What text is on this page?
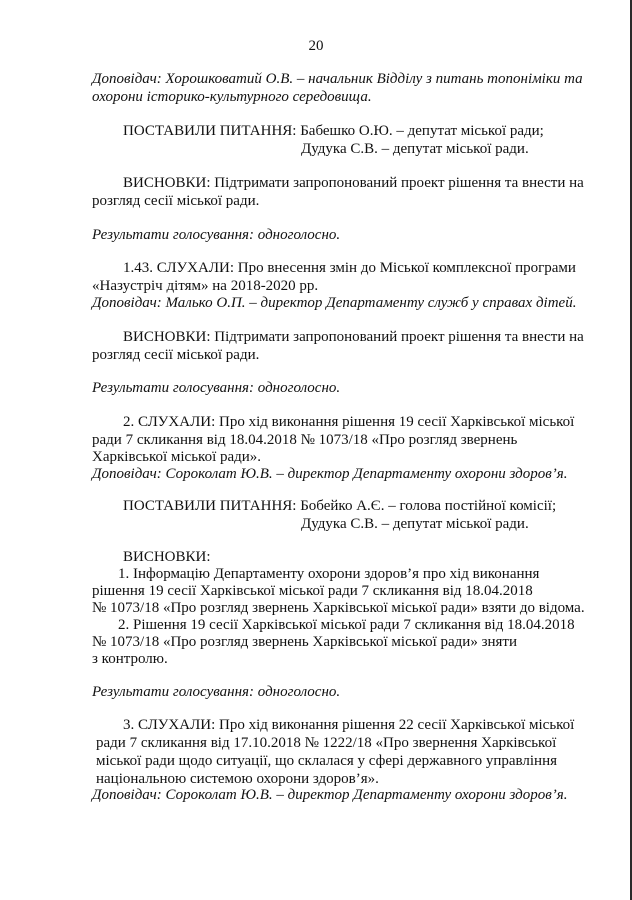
20
Доповідач: Хорошковатий О.В. – начальник Відділу з питань топоніміки та
охорони історико-культурного середовища.
ПОСТАВИЛИ ПИТАННЯ: Бабешко О.Ю. – депутат міської ради;
Дудука С.В. – депутат міської ради.
ВИСНОВКИ: Підтримати запропонований проект рішення та внести на
розгляд сесії міської ради.
Результати голосування: одноголосно.
1.43. СЛУХАЛИ: Про внесення змін до Міської комплексної програми
«Назустріч дітям» на 2018-2020 рр.
Доповідач: Малько О.П. – директор Департаменту служб у справах дітей.
ВИСНОВКИ: Підтримати запропонований проект рішення та внести на
розгляд сесії міської ради.
Результати голосування: одноголосно.
2. СЛУХАЛИ: Про хід виконання рішення 19 сесії Харківської міської
ради 7 скликання від 18.04.2018 № 1073/18 «Про розгляд звернень
Харківської міської ради».
Доповідач: Сороколат Ю.В. – директор Департаменту охорони здоров’я.
ПОСТАВИЛИ ПИТАННЯ: Бобейко А.Є. – голова постійної комісії;
Дудука С.В. – депутат міської ради.
ВИСНОВКИ:
1. Інформацію Департаменту охорони здоров’я про хід виконання
рішення 19 сесії Харківської міської ради 7 скликання від 18.04.2018
№ 1073/18 «Про розгляд звернень Харківської міської ради» взяти до відома.
2. Рішення 19 сесії Харківської міської ради 7 скликання від 18.04.2018
№ 1073/18 «Про розгляд звернень Харківської міської ради» зняти
з контролю.
Результати голосування: одноголосно.
3. СЛУХАЛИ: Про хід виконання рішення 22 сесії Харківської міської
ради 7 скликання від 17.10.2018 № 1222/18 «Про звернення Харківської
міської ради щодо ситуації, що склалася у сфері державного управління
національною системою охорони здоров’я».
Доповідач: Сороколат Ю.В. – директор Департаменту охорони здоров’я.
